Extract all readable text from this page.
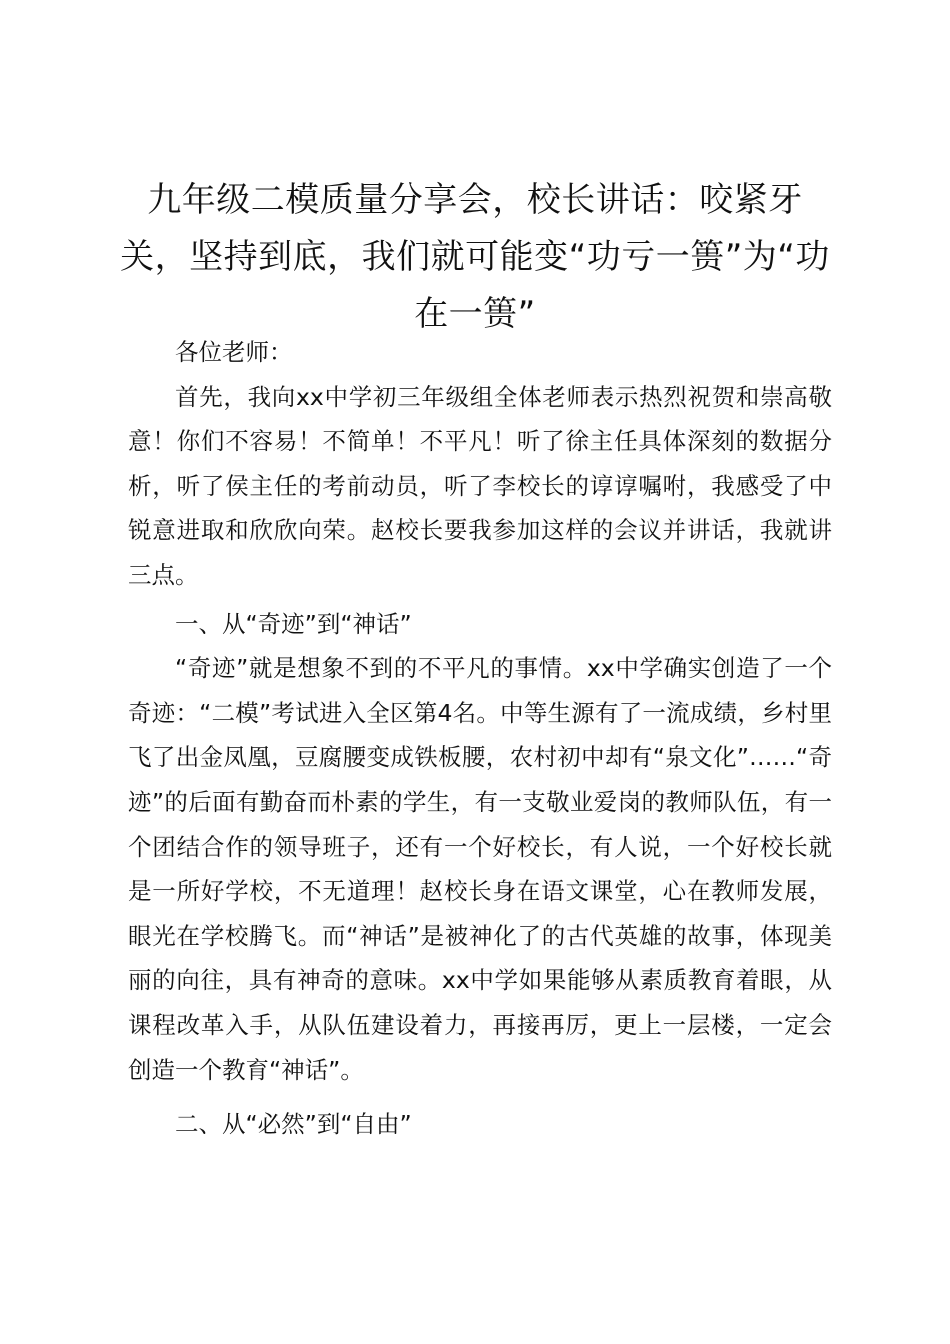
九年级二模质量分享会，校长讲话：咬紧牙关，坚持到底，我们就可能变“功亏一篑”为“功在一篑”

各位老师：

首先，我向xx中学初三年级组全体老师表示热烈祝贺和崇高敬意！你们不容易！不简单！不平凡！听了徐主任具体深刻的数据分析，听了侯主任的考前动员，听了李校长的谆谆嘱咐，我感受了中锐意进取和欣欣向荣。赵校长要我参加这样的会议并讲话，我就讲三点。

一、从“奇迹”到“神话”

“奇迹”就是想象不到的不平凡的事情。xx中学确实创造了一个奇迹：“二模”考试进入全区第4名。中等生源有了一流成绩，乡村里飞了出金凤凰，豆腐腰变成铁板腰，农村初中却有“泉文化”……“奇迹”的后面有勤奋而朴素的学生，有一支敬业爱岗的教师队伍，有一个团结合作的领导班子，还有一个好校长，有人说，一个好校长就是一所好学校，不无道理！赵校长身在语文课堂，心在教师发展，眼光在学校腾飞。而“神话”是被神化了的古代英雄的故事，体现美丽的向往，具有神奇的意味。xx中学如果能够从素质教育着眼，从课程改革入手，从队伍建设着力，再接再厉，更上一层楼，一定会创造一个教育“神话”。

二、从“必然”到“自由”
